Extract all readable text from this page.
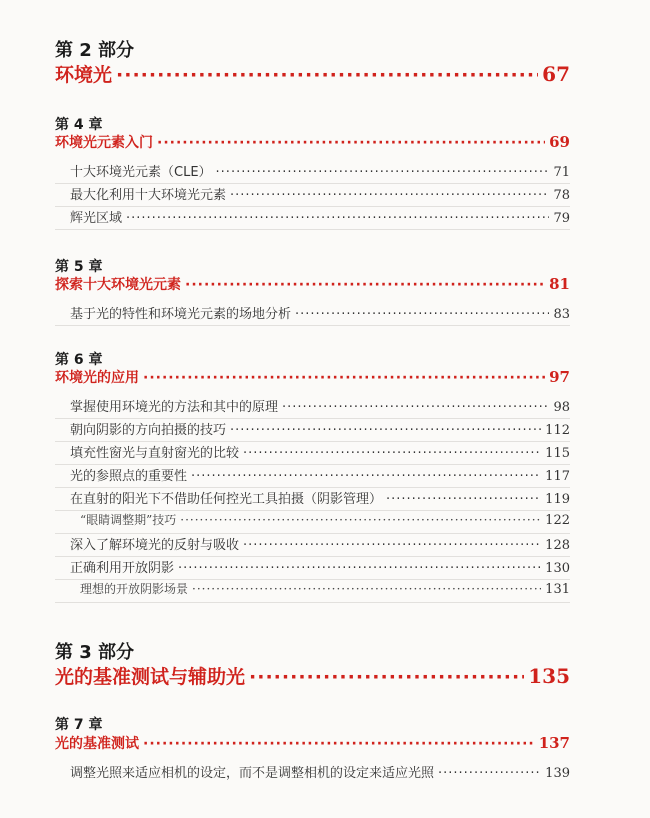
第 2 部分
环境光 ·····	67
第 4 章
环境光元素入门 ·····	69
十大环境光元素（CLE） ·····	71
最大化利用十大环境光元素 ·····	78
辉光区域 ·····	79
第 5 章
探索十大环境光元素 ·····	81
基于光的特性和环境光元素的场地分析 ·····	83
第 6 章
环境光的应用 ·····	97
掌握使用环境光的方法和其中的原理 ·····	98
朝向阴影的方向拍摄的技巧 ·····	112
填充性窗光与直射窗光的比较 ·····	115
光的参照点的重要性 ·····	117
在直射的阳光下不借助任何控光工具拍摄（阴影管理） ·····	119
“眼睛调整期”技巧 ·····	122
深入了解环境光的反射与吸收 ·····	128
正确利用开放阴影 ·····	130
理想的开放阴影场景 ·····	131
第 3 部分
光的基准测试与辅助光 ·····	135
第 7 章
光的基准测试 ·····	137
调整光照来适应相机的设定，而不是调整相机的设定来适应光照 ·····	139
